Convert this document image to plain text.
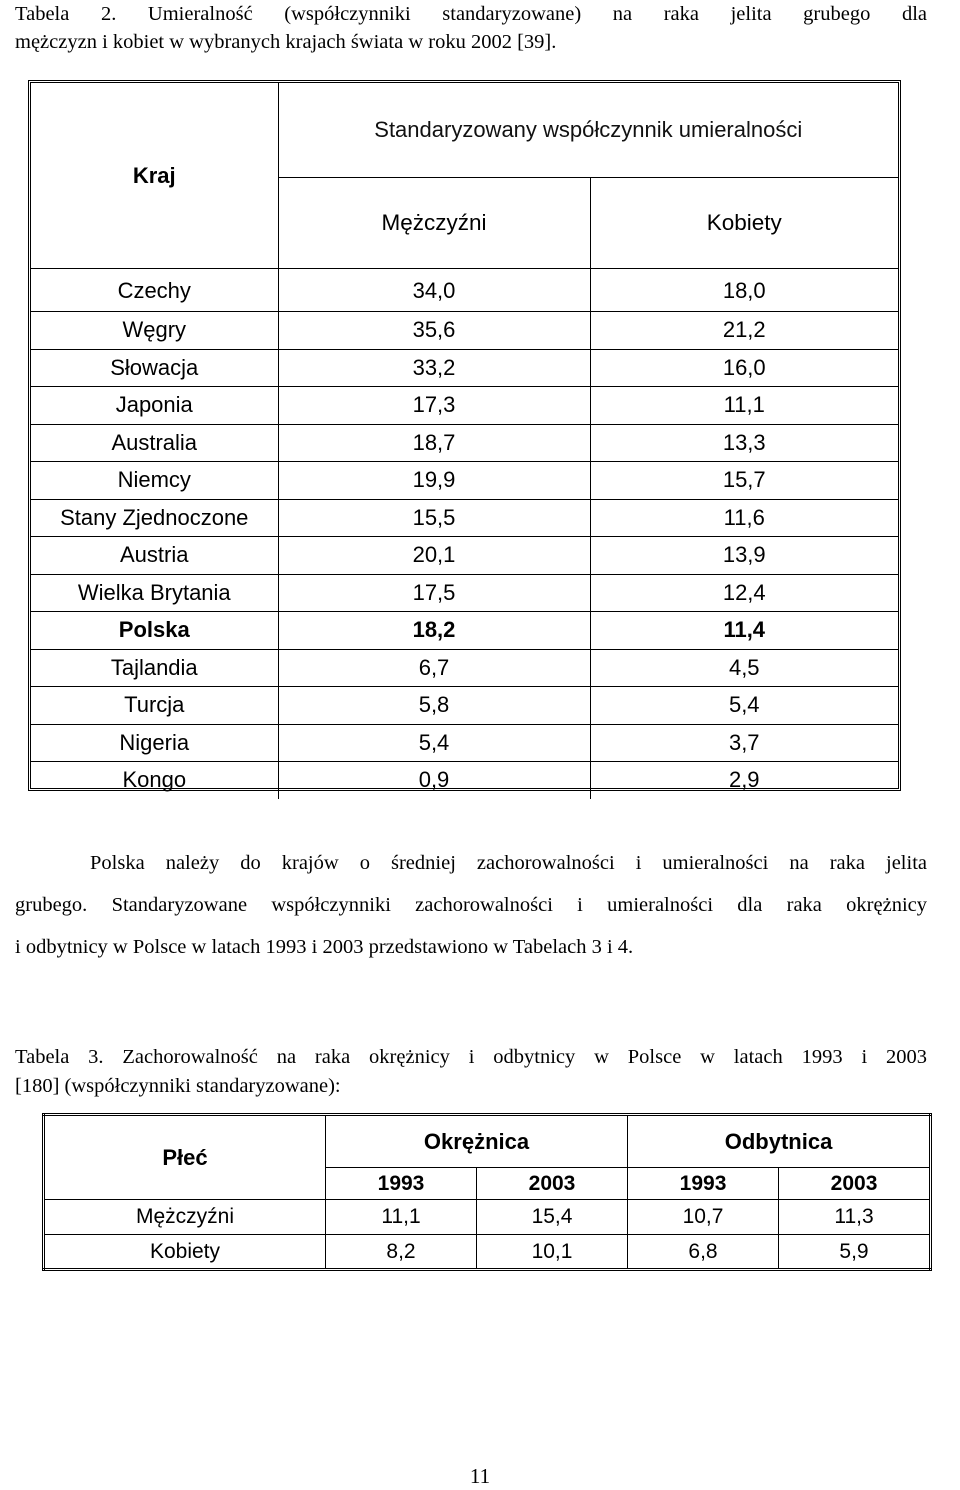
Tabela 2. Umieralność (współczynniki standaryzowane) na raka jelita grubego dla
mężczyzn i kobiet w wybranych krajach świata w roku 2002 [39].
Kraj	Standaryzowany współczynnik umieralności	
	Mężczyźni	Kobiety
Czechy	34,0	18,0
Węgry	35,6	21,2
Słowacja	33,2	16,0
Japonia	17,3	11,1
Australia	18,7	13,3
Niemcy	19,9	15,7
Stany Zjednoczone	15,5	11,6
Austria	20,1	13,9
Wielka Brytania	17,5	12,4
Polska	18,2	11,4
Tajlandia	6,7	4,5
Turcja	5,8	5,4
Nigeria	5,4	3,7
Kongo	0,9	2,9
Polska należy do krajów o średniej zachorowalności i umieralności na raka jelita
grubego. Standaryzowane współczynniki zachorowalności i umieralności dla raka okrężnicy
i odbytnicy w Polsce w latach 1993 i 2003 przedstawiono w Tabelach 3 i 4.
Tabela 3. Zachorowalność na raka okrężnicy i odbytnicy w Polsce w latach 1993 i 2003
[180] (współczynniki standaryzowane):
Płeć	Okrężnica		Odbytnica	
	1993	2003	1993	2003
Mężczyźni	11,1	15,4	10,7	11,3
Kobiety	8,2	10,1	6,8	5,9
11
